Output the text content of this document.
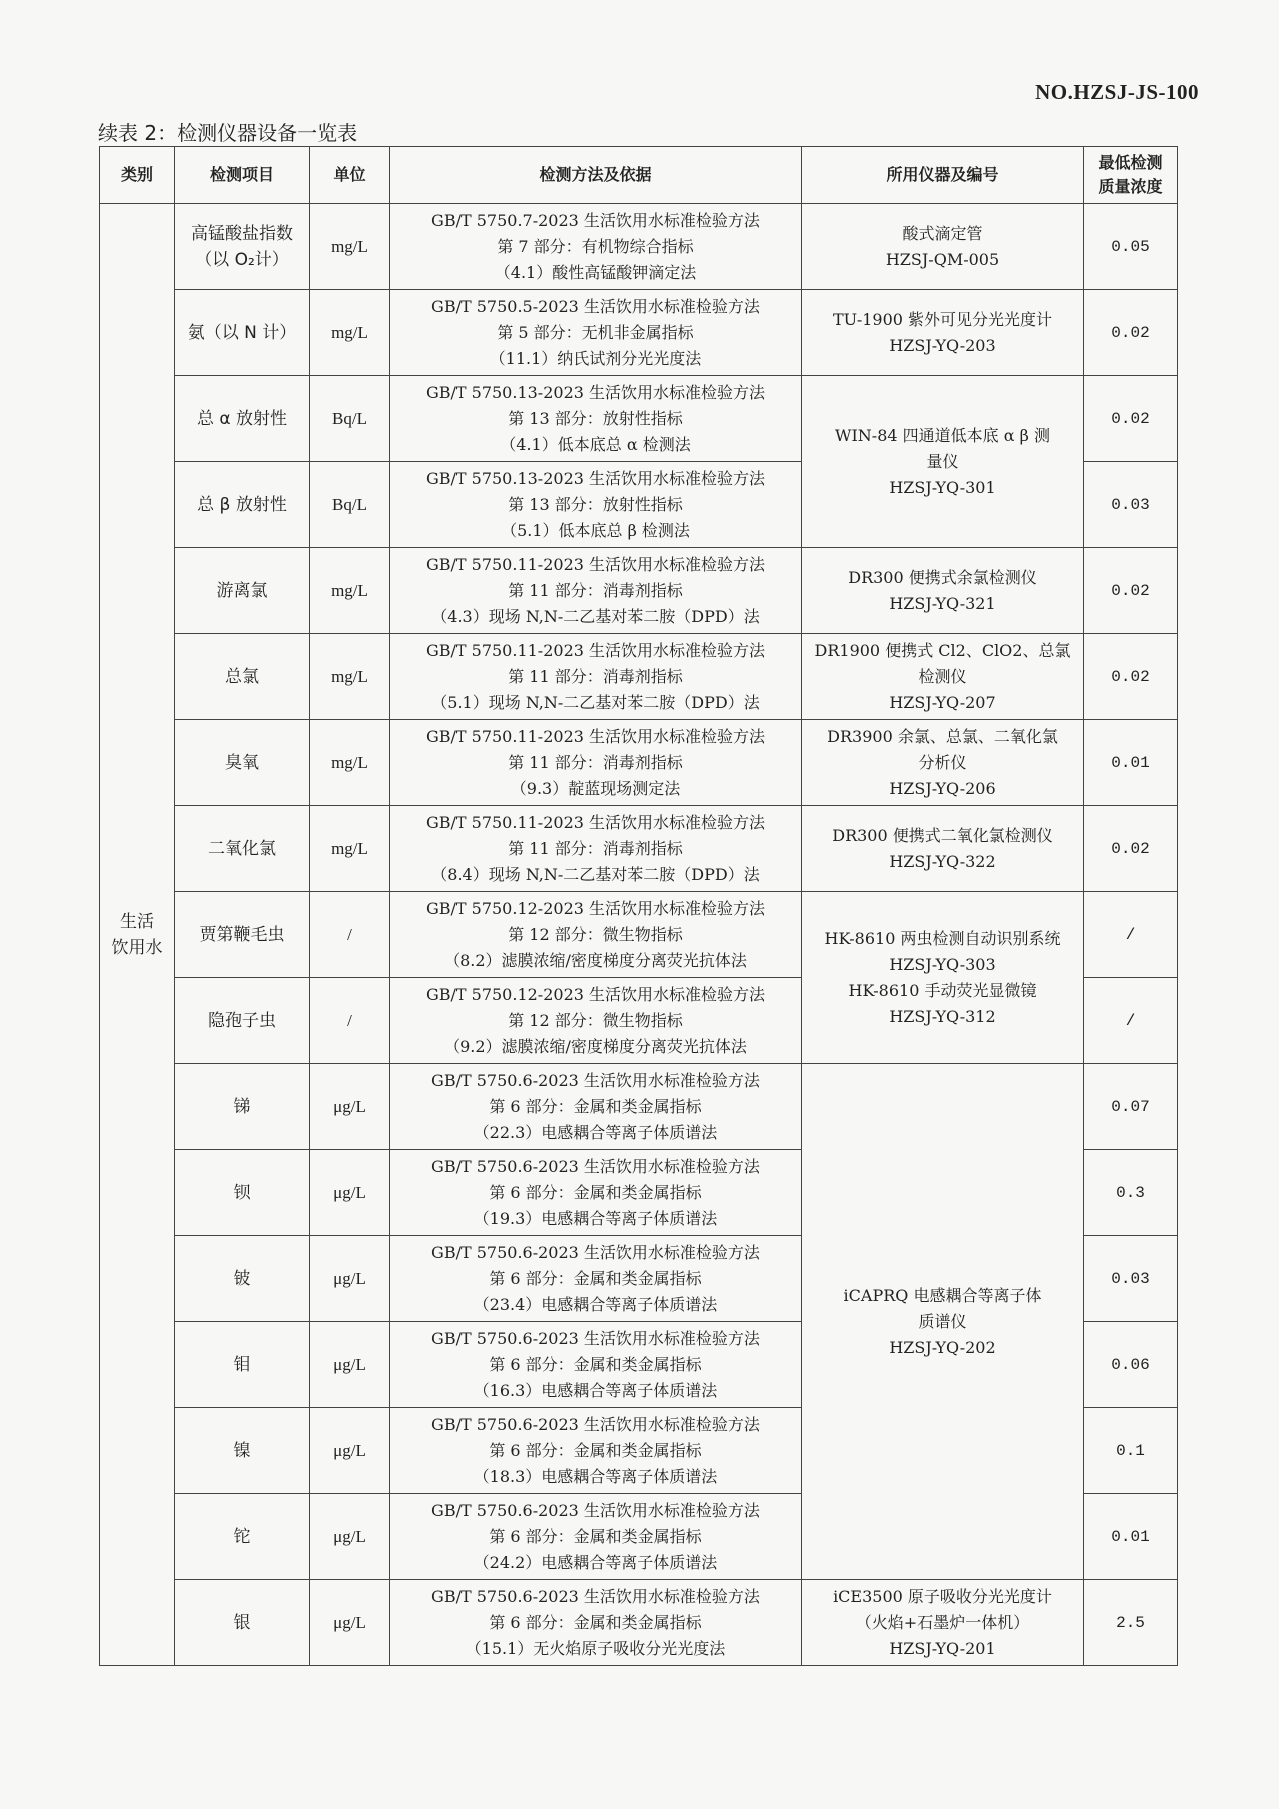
NO.HZSJ-JS-100
续表 2：检测仪器设备一览表
类别	检测项目	单位	检测方法及依据	所用仪器及编号	最低检测
质量浓度

生活
饮用水	高锰酸盐指数
（以 O₂计）	mg/L	GB/T 5750.7-2023 生活饮用水标准检验方法
第 7 部分：有机物综合指标
（4.1）酸性高锰酸钾滴定法	酸式滴定管
HZSJ-QM-005	0.05

	氨（以 N 计）	mg/L	GB/T 5750.5-2023 生活饮用水标准检验方法
第 5 部分：无机非金属指标
（11.1）纳氏试剂分光光度法	TU-1900 紫外可见分光光度计
HZSJ-YQ-203	0.02

	总 α 放射性	Bq/L	GB/T 5750.13-2023 生活饮用水标准检验方法
第 13 部分：放射性指标
（4.1）低本底总 α 检测法	WIN-84 四通道低本底 α β 测
量仪
HZSJ-YQ-301	0.02

	总 β 放射性	Bq/L	GB/T 5750.13-2023 生活饮用水标准检验方法
第 13 部分：放射性指标
（5.1）低本底总 β 检测法		0.03

	游离氯	mg/L	GB/T 5750.11-2023 生活饮用水标准检验方法
第 11 部分：消毒剂指标
（4.3）现场 N,N-二乙基对苯二胺（DPD）法	DR300 便携式余氯检测仪
HZSJ-YQ-321	0.02

	总氯	mg/L	GB/T 5750.11-2023 生活饮用水标准检验方法
第 11 部分：消毒剂指标
（5.1）现场 N,N-二乙基对苯二胺（DPD）法	DR1900 便携式 Cl2、ClO2、总氯
检测仪
HZSJ-YQ-207	0.02

	臭氧	mg/L	GB/T 5750.11-2023 生活饮用水标准检验方法
第 11 部分：消毒剂指标
（9.3）靛蓝现场测定法	DR3900 余氯、总氯、二氧化氯
分析仪
HZSJ-YQ-206	0.01

	二氧化氯	mg/L	GB/T 5750.11-2023 生活饮用水标准检验方法
第 11 部分：消毒剂指标
（8.4）现场 N,N-二乙基对苯二胺（DPD）法	DR300 便携式二氧化氯检测仪
HZSJ-YQ-322	0.02

	贾第鞭毛虫	/	GB/T 5750.12-2023 生活饮用水标准检验方法
第 12 部分：微生物指标
（8.2）滤膜浓缩/密度梯度分离荧光抗体法	HK-8610 两虫检测自动识别系统
HZSJ-YQ-303
HK-8610 手动荧光显微镜
HZSJ-YQ-312	/

	隐孢子虫	/	GB/T 5750.12-2023 生活饮用水标准检验方法
第 12 部分：微生物指标
（9.2）滤膜浓缩/密度梯度分离荧光抗体法		/

	锑	μg/L	GB/T 5750.6-2023 生活饮用水标准检验方法
第 6 部分：金属和类金属指标
（22.3）电感耦合等离子体质谱法	iCAPRQ 电感耦合等离子体
质谱仪
HZSJ-YQ-202	0.07

	钡	μg/L	GB/T 5750.6-2023 生活饮用水标准检验方法
第 6 部分：金属和类金属指标
（19.3）电感耦合等离子体质谱法		0.3

	铍	μg/L	GB/T 5750.6-2023 生活饮用水标准检验方法
第 6 部分：金属和类金属指标
（23.4）电感耦合等离子体质谱法		0.03

	钼	μg/L	GB/T 5750.6-2023 生活饮用水标准检验方法
第 6 部分：金属和类金属指标
（16.3）电感耦合等离子体质谱法		0.06

	镍	μg/L	GB/T 5750.6-2023 生活饮用水标准检验方法
第 6 部分：金属和类金属指标
（18.3）电感耦合等离子体质谱法		0.1

	铊	μg/L	GB/T 5750.6-2023 生活饮用水标准检验方法
第 6 部分：金属和类金属指标
（24.2）电感耦合等离子体质谱法		0.01

	银	μg/L	GB/T 5750.6-2023 生活饮用水标准检验方法
第 6 部分：金属和类金属指标
（15.1）无火焰原子吸收分光光度法	iCE3500 原子吸收分光光度计
（火焰+石墨炉一体机）
HZSJ-YQ-201	2.5
